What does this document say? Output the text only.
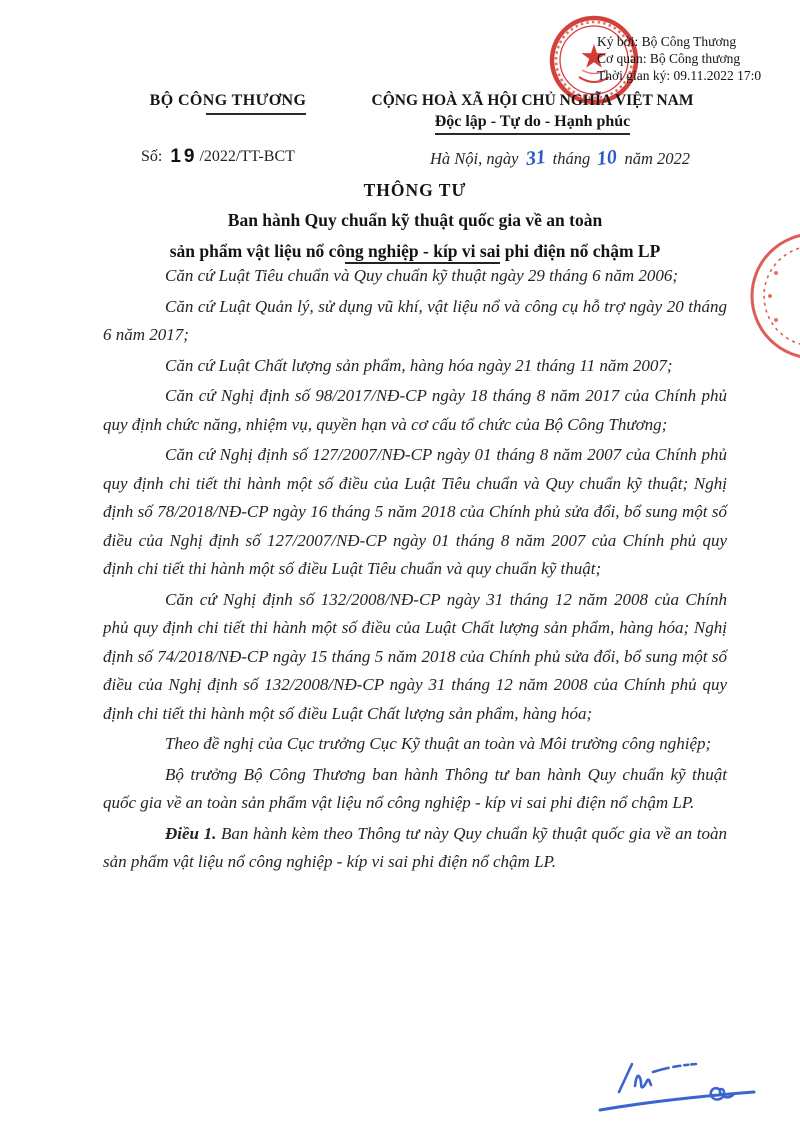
Ký bởi: Bộ Công Thương
Cơ quan: Bộ Công thương
Thời gian ký: 09.11.2022 17:0
BỘ CÔNG THƯƠNG	CỘNG HOÀ XÃ HỘI CHỦ NGHĨA VIỆT NAM
Độc lập - Tự do - Hạnh phúc
Số: 19 /2022/TT-BCT	Hà Nội, ngày 31 tháng 10 năm 2022
THÔNG TƯ
Ban hành Quy chuẩn kỹ thuật quốc gia về an toàn
sản phẩm vật liệu nổ công nghiệp - kíp vi sai phi điện nổ chậm LP

Căn cứ Luật Tiêu chuẩn và Quy chuẩn kỹ thuật ngày 29 tháng 6 năm 2006;

Căn cứ Luật Quản lý, sử dụng vũ khí, vật liệu nổ và công cụ hỗ trợ ngày 20 tháng 6 năm 2017;

Căn cứ Luật Chất lượng sản phẩm, hàng hóa ngày 21 tháng 11 năm 2007;

Căn cứ Nghị định số 98/2017/NĐ-CP ngày 18 tháng 8 năm 2017 của Chính phủ quy định chức năng, nhiệm vụ, quyền hạn và cơ cấu tổ chức của Bộ Công Thương;

Căn cứ Nghị định số 127/2007/NĐ-CP ngày 01 tháng 8 năm 2007 của Chính phủ quy định chi tiết thi hành một số điều của Luật Tiêu chuẩn và Quy chuẩn kỹ thuật; Nghị định số 78/2018/NĐ-CP ngày 16 tháng 5 năm 2018 của Chính phủ sửa đổi, bổ sung một số điều của Nghị định số 127/2007/NĐ-CP ngày 01 tháng 8 năm 2007 của Chính phủ quy định chi tiết thi hành một số điều Luật Tiêu chuẩn và quy chuẩn kỹ thuật;

Căn cứ Nghị định số 132/2008/NĐ-CP ngày 31 tháng 12 năm 2008 của Chính phủ quy định chi tiết thi hành một số điều của Luật Chất lượng sản phẩm, hàng hóa; Nghị định số 74/2018/NĐ-CP ngày 15 tháng 5 năm 2018 của Chính phủ sửa đổi, bổ sung một số điều của Nghị định số 132/2008/NĐ-CP ngày 31 tháng 12 năm 2008 của Chính phủ quy định chi tiết thi hành một số điều Luật Chất lượng sản phẩm, hàng hóa;

Theo đề nghị của Cục trưởng Cục Kỹ thuật an toàn và Môi trường công nghiệp;

Bộ trưởng Bộ Công Thương ban hành Thông tư ban hành Quy chuẩn kỹ thuật quốc gia về an toàn sản phẩm vật liệu nổ công nghiệp - kíp vi sai phi điện nổ chậm LP.

Điều 1. Ban hành kèm theo Thông tư này Quy chuẩn kỹ thuật quốc gia về an toàn sản phẩm vật liệu nổ công nghiệp - kíp vi sai phi điện nổ chậm LP.
